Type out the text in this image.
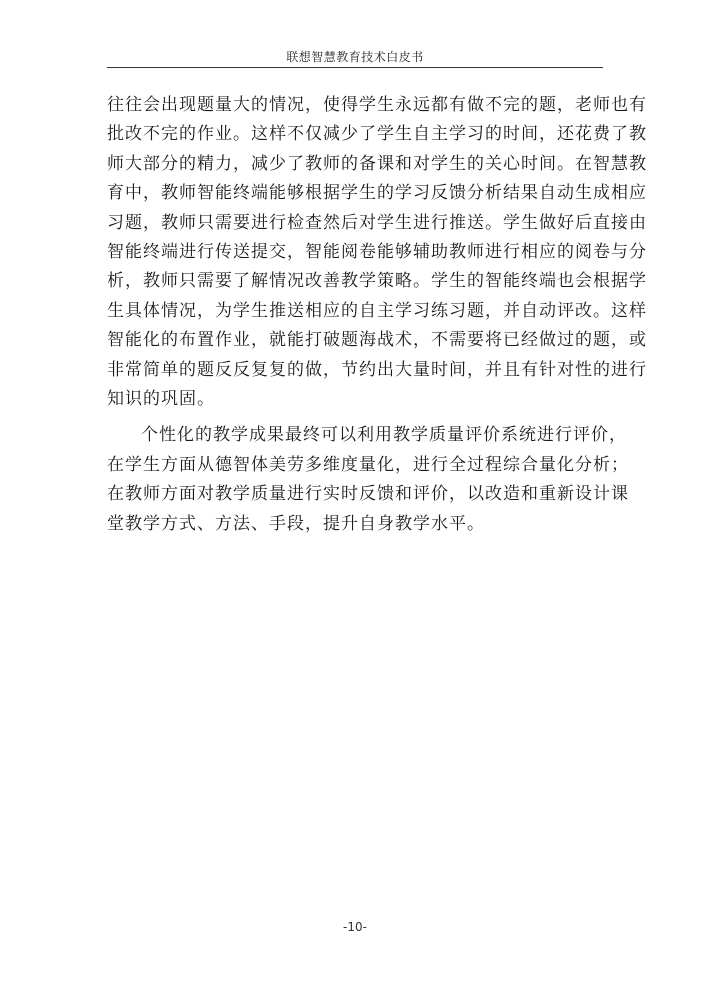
联想智慧教育技术白皮书

往往会出现题量大的情况，使得学生永远都有做不完的题，老师也有
批改不完的作业。这样不仅减少了学生自主学习的时间，还花费了教
师大部分的精力，减少了教师的备课和对学生的关心时间。在智慧教
育中，教师智能终端能够根据学生的学习反馈分析结果自动生成相应
习题，教师只需要进行检查然后对学生进行推送。学生做好后直接由
智能终端进行传送提交，智能阅卷能够辅助教师进行相应的阅卷与分
析，教师只需要了解情况改善教学策略。学生的智能终端也会根据学
生具体情况，为学生推送相应的自主学习练习题，并自动评改。这样
智能化的布置作业，就能打破题海战术，不需要将已经做过的题，或
非常简单的题反反复复的做，节约出大量时间，并且有针对性的进行
知识的巩固。

个性化的教学成果最终可以利用教学质量评价系统进行评价，
在学生方面从德智体美劳多维度量化，进行全过程综合量化分析；
在教师方面对教学质量进行实时反馈和评价，以改造和重新设计课
堂教学方式、方法、手段，提升自身教学水平。

-10-
